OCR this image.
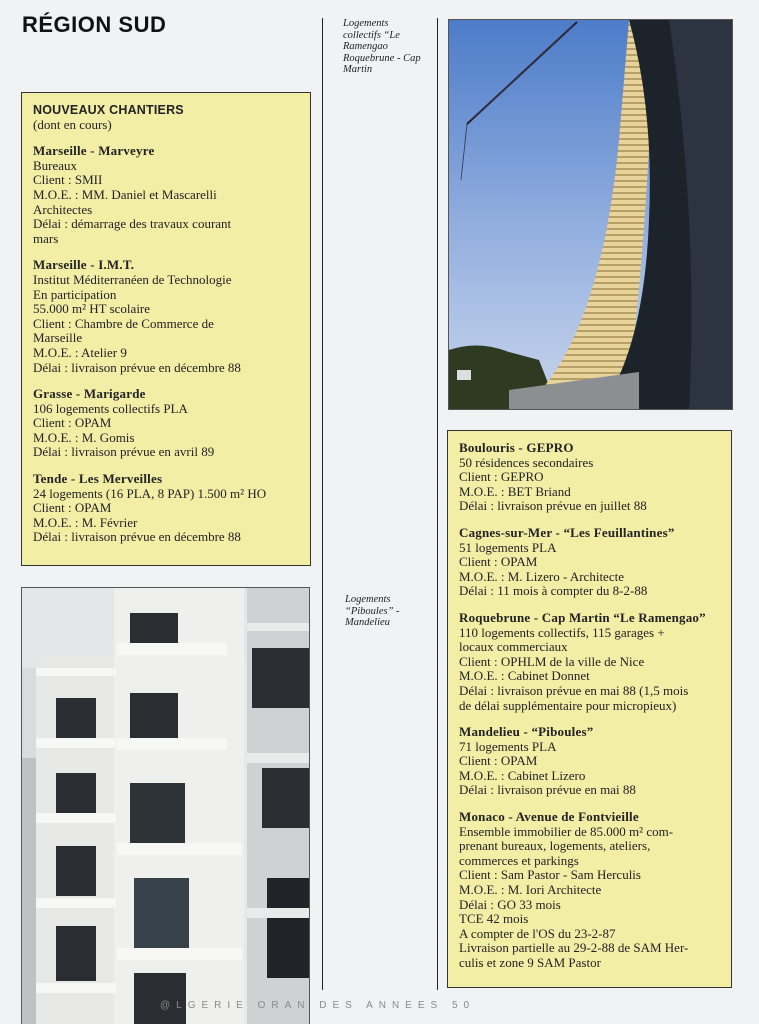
RÉGION SUD
NOUVEAUX CHANTIERS
(dont en cours)
Marseille - Marveyre
Bureaux
Client : SMII
M.O.E. : MM. Daniel et Mascarelli
Architectes
Délai : démarrage des travaux courant
mars
Marseille - I.M.T.
Institut Méditerranéen de Technologie
En participation
55.000 m² HT scolaire
Client : Chambre de Commerce de
Marseille
M.O.E. : Atelier 9
Délai : livraison prévue en décembre 88
Grasse - Marigarde
106 logements collectifs PLA
Client : OPAM
M.O.E. : M. Gomis
Délai : livraison prévue en avril 89
Tende - Les Merveilles
24 logements (16 PLA, 8 PAP) 1.500 m² HO
Client : OPAM
M.O.E. : M. Février
Délai : livraison prévue en décembre 88
Logements collectifs “Le Ramengao Roquebrune - Cap Martin
Logements “Piboules” - Mandelieu
Boulouris - GEPRO
50 résidences secondaires
Client : GEPRO
M.O.E. : BET Briand
Délai : livraison prévue en juillet 88
Cagnes-sur-Mer - “Les Feuillantines”
51 logements PLA
Client : OPAM
M.O.E. : M. Lizero - Architecte
Délai : 11 mois à compter du 8-2-88
Roquebrune - Cap Martin “Le Ramengao”
110 logements collectifs, 115 garages +
locaux commerciaux
Client : OPHLM de la ville de Nice
M.O.E. : Cabinet Donnet
Délai : livraison prévue en mai 88 (1,5 mois
de délai supplémentaire pour micropieux)
Mandelieu - “Piboules”
71 logements PLA
Client : OPAM
M.O.E. : Cabinet Lizero
Délai : livraison prévue en mai 88
Monaco - Avenue de Fontvieille
Ensemble immobilier de 85.000 m² com-
prenant bureaux, logements, ateliers,
commerces et parkings
Client : Sam Pastor - Sam Herculis
M.O.E. : M. Iori Architecte
Délai : GO 33 mois
TCE 42 mois
A compter de l'OS du 23-2-87
Livraison partielle au 29-2-88 de SAM Her-
culis et zone 9 SAM Pastor
@LGERIE ORAN DES ANNEES 50
